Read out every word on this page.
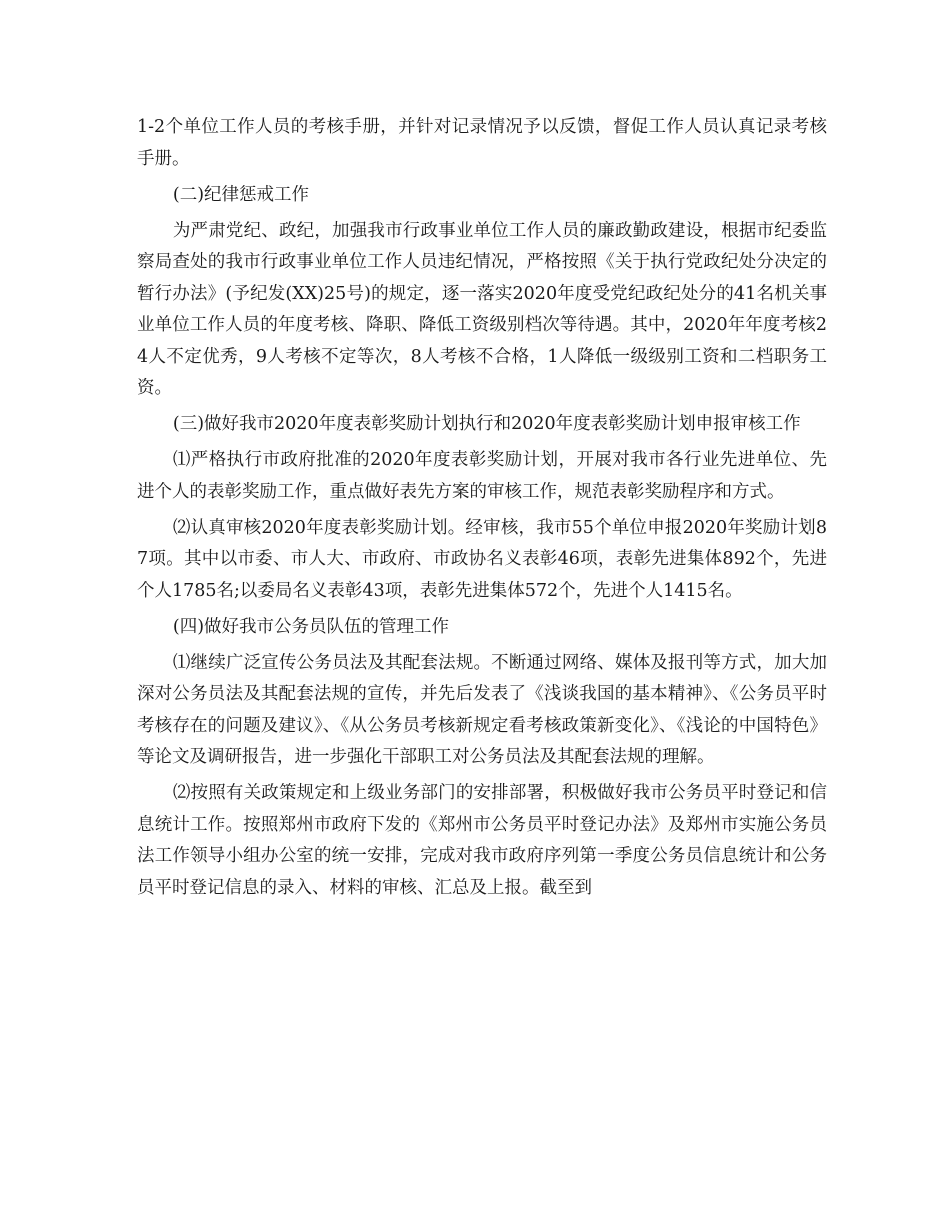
1-2个单位工作人员的考核手册，并针对记录情况予以反馈，督促工作人员认真记录考核手册。

(二)纪律惩戒工作

为严肃党纪、政纪，加强我市行政事业单位工作人员的廉政勤政建设，根据市纪委监察局查处的我市行政事业单位工作人员违纪情况，严格按照《关于执行党政纪处分决定的暂行办法》(予纪发(XX)25号)的规定，逐一落实2020年度受党纪政纪处分的41名机关事业单位工作人员的年度考核、降职、降低工资级别档次等待遇。其中，2020年年度考核24人不定优秀，9人考核不定等次，8人考核不合格，1人降低一级级别工资和二档职务工资。

(三)做好我市2020年度表彰奖励计划执行和2020年度表彰奖励计划申报审核工作

⑴严格执行市政府批准的2020年度表彰奖励计划，开展对我市各行业先进单位、先进个人的表彰奖励工作，重点做好表先方案的审核工作，规范表彰奖励程序和方式。

⑵认真审核2020年度表彰奖励计划。经审核，我市55个单位申报2020年奖励计划87项。其中以市委、市人大、市政府、市政协名义表彰46项，表彰先进集体892个，先进个人1785名;以委局名义表彰43项，表彰先进集体572个，先进个人1415名。

(四)做好我市公务员队伍的管理工作

⑴继续广泛宣传公务员法及其配套法规。不断通过网络、媒体及报刊等方式，加大加深对公务员法及其配套法规的宣传，并先后发表了《浅谈我国的基本精神》、《公务员平时考核存在的问题及建议》、《从公务员考核新规定看考核政策新变化》、《浅论的中国特色》等论文及调研报告，进一步强化干部职工对公务员法及其配套法规的理解。

⑵按照有关政策规定和上级业务部门的安排部署，积极做好我市公务员平时登记和信息统计工作。按照郑州市政府下发的《郑州市公务员平时登记办法》及郑州市实施公务员法工作领导小组办公室的统一安排，完成对我市政府序列第一季度公务员信息统计和公务员平时登记信息的录入、材料的审核、汇总及上报。截至到
